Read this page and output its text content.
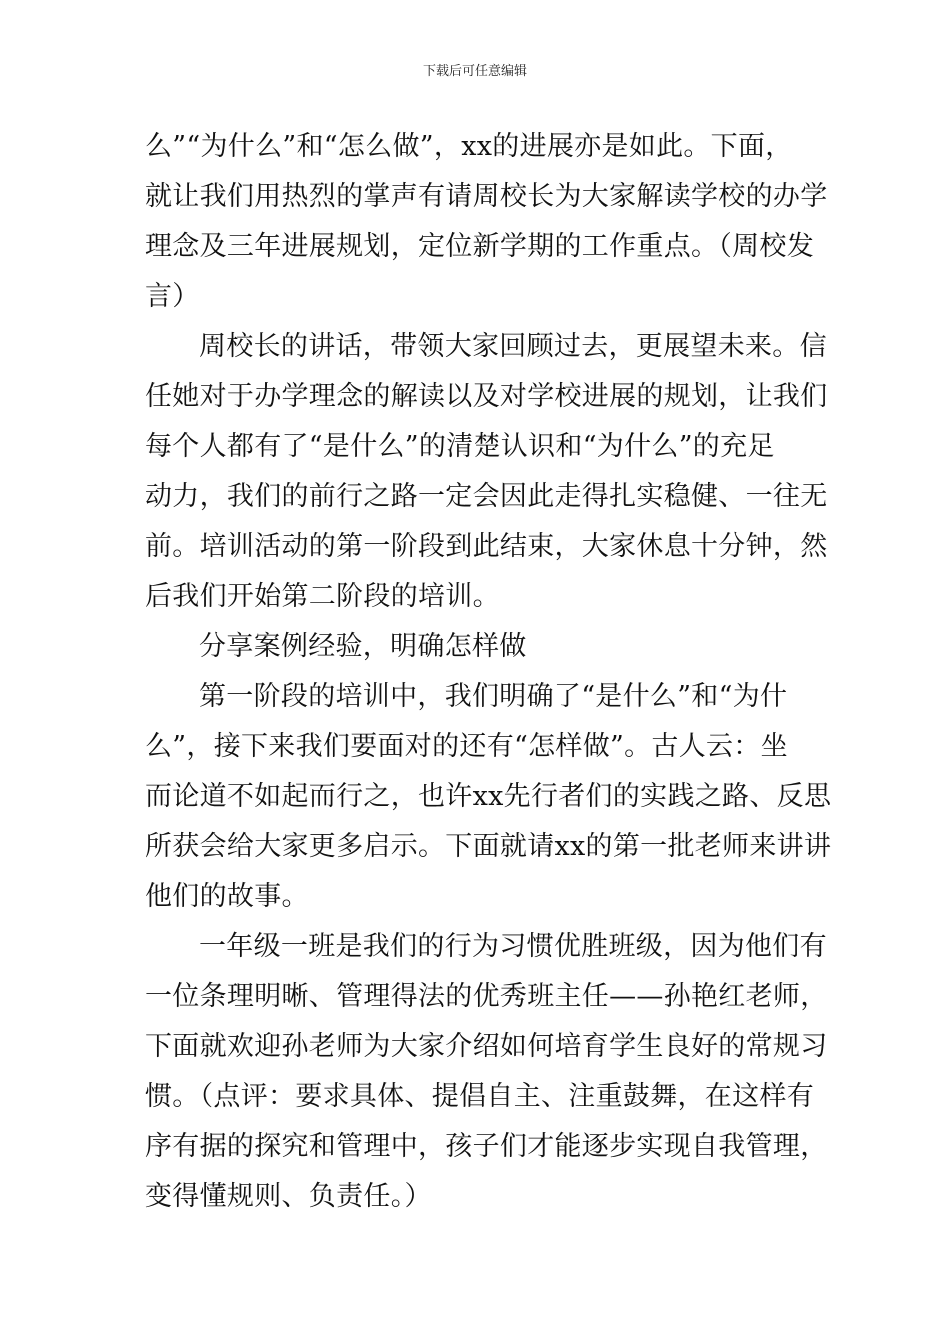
下载后可任意编辑
么”“为什么”和“怎么做”，xx的进展亦是如此。下面，
就让我们用热烈的掌声有请周校长为大家解读学校的办学
理念及三年进展规划，定位新学期的工作重点。（周校发
言）
周校长的讲话，带领大家回顾过去，更展望未来。信
任她对于办学理念的解读以及对学校进展的规划，让我们
每个人都有了“是什么”的清楚认识和“为什么”的充足
动力，我们的前行之路一定会因此走得扎实稳健、一往无
前。培训活动的第一阶段到此结束，大家休息十分钟，然
后我们开始第二阶段的培训。
分享案例经验，明确怎样做
第一阶段的培训中，我们明确了“是什么”和“为什
么”，接下来我们要面对的还有“怎样做”。古人云：坐
而论道不如起而行之，也许xx先行者们的实践之路、反思
所获会给大家更多启示。下面就请xx的第一批老师来讲讲
他们的故事。
一年级一班是我们的行为习惯优胜班级，因为他们有
一位条理明晰、管理得法的优秀班主任——孙艳红老师，
下面就欢迎孙老师为大家介绍如何培育学生良好的常规习
惯。（点评：要求具体、提倡自主、注重鼓舞，在这样有
序有据的探究和管理中，孩子们才能逐步实现自我管理，
变得懂规则、负责任。）
